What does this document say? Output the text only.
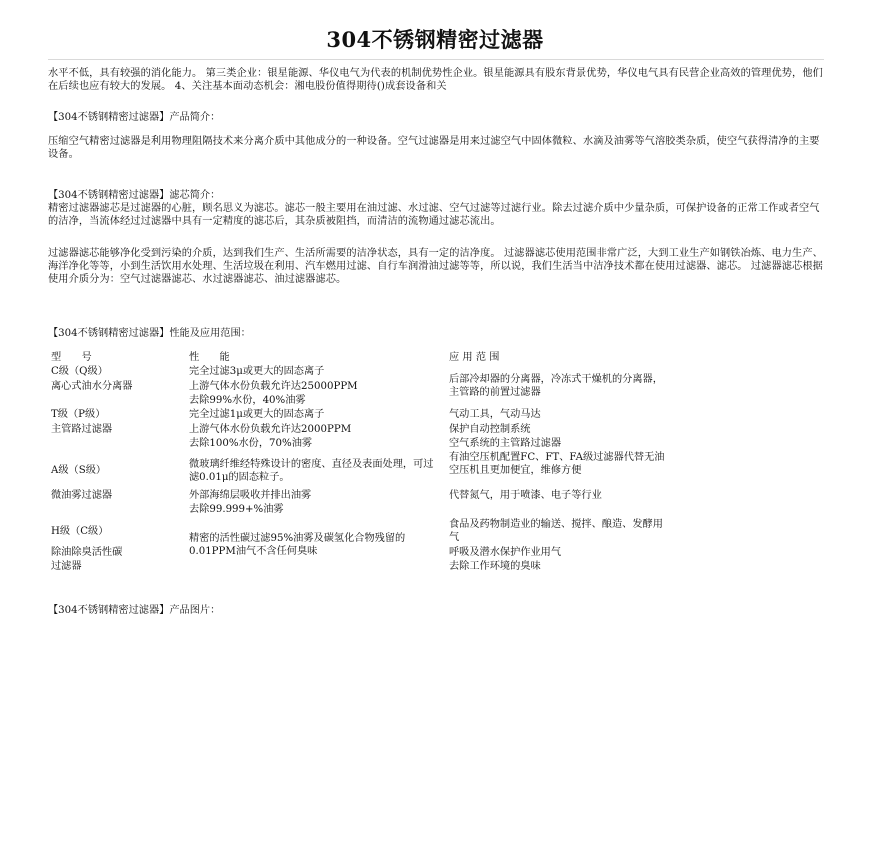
304不锈钢精密过滤器
水平不低，具有较强的消化能力。 第三类企业：银星能源、华仪电气为代表的机制优势性企业。银星能源具有股东背景优势，华仪电气具有民营企业高效的管理优势，他们在后续也应有较大的发展。 4、关注基本面动态机会：湘电股份值得期待()成套设备和关
【304不锈钢精密过滤器】产品简介：
压缩空气精密过滤器是利用物理阻隔技术来分离介质中其他成分的一种设备。空气过滤器是用来过滤空气中固体微粒、水滴及油雾等气溶胶类杂质，使空气获得清净的主要设备。
【304不锈钢精密过滤器】滤芯简介：
精密过滤器滤芯是过滤器的心脏，顾名思义为滤芯。滤芯一般主要用在油过滤、水过滤、空气过滤等过滤行业。除去过滤介质中少量杂质，可保护设备的正常工作或者空气的洁净，当流体经过过滤器中具有一定精度的滤芯后，其杂质被阻挡，而清洁的流物通过滤芯流出。
过滤器滤芯能够净化受到污染的介质，达到我们生产、生活所需要的洁净状态，具有一定的洁净度。 过滤器滤芯使用范围非常广泛，大到工业生产如钢铁冶炼、电力生产、海洋净化等等，小到生活饮用水处理、生活垃圾在利用、汽车燃用过滤、自行车润滑油过滤等等，所以说，我们生活当中洁净技术都在使用过滤器、滤芯。 过滤器滤芯根据使用介质分为：空气过滤器滤芯、水过滤器滤芯、油过滤器滤芯。
【304不锈钢精密过滤器】性能及应用范围：
型　　号	性　　能	应 用 范 围
C级（Q级）
离心式油水分离器
T级（P级）
主管路过滤器
A级（S级）
微油雾过滤器
H级（C级）
除油除臭活性碳
过滤器
完全过滤3μ或更大的固态离子
上游气体水份负载允许达25000PPM
去除99%水份，40%油雾
完全过滤1μ或更大的固态离子
上游气体水份负载允许达2000PPM
去除100%水份，70%油雾
微玻璃纤维经特殊设计的密度、直径及表面处理，可过滤0.01μ的固态粒子。
外部海绵层吸收并排出油雾
去除99.999+%油雾
精密的活性碳过滤95%油雾及碳氢化合物残留的0.01PPM油气不含任何臭味
后部冷却器的分离器，冷冻式干燥机的分离器，主管路的前置过滤器
气动工具，气动马达
保护自动控制系统
空气系统的主管路过滤器
有油空压机配置FC、FT、FA级过滤器代替无油空压机且更加便宜，维修方便
代替氮气，用于喷漆、电子等行业
食品及药物制造业的输送、搅拌、酿造、发酵用气
呼吸及潜水保护作业用气
去除工作环境的臭味
【304不锈钢精密过滤器】产品图片：
